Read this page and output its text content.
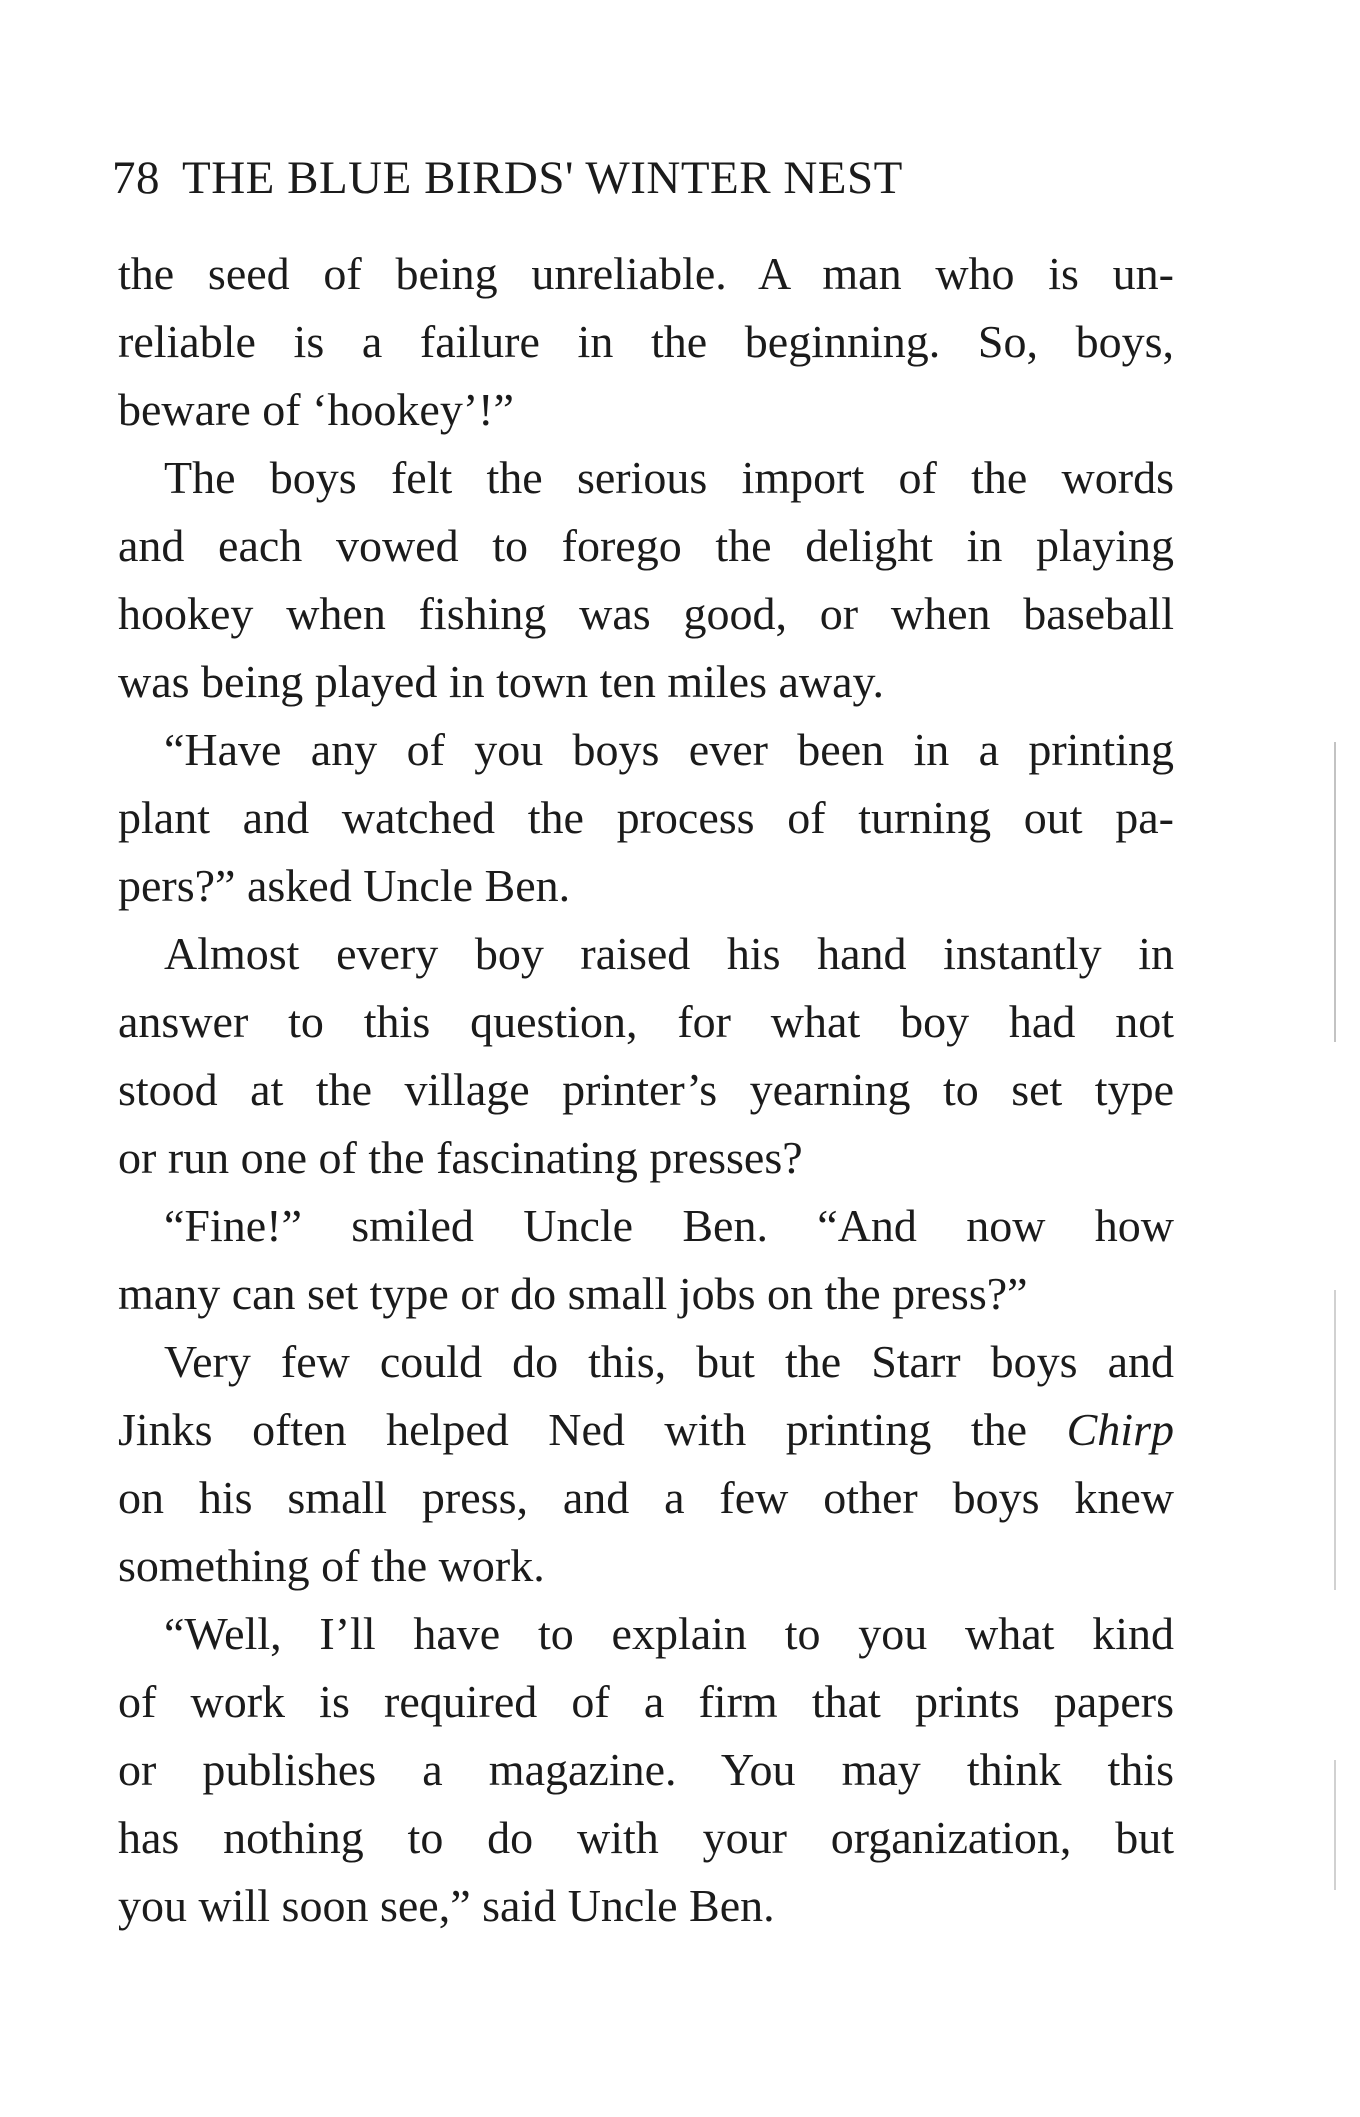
78 THE BLUE BIRDS' WINTER NEST
the seed of being unreliable. A man who is un-
reliable is a failure in the beginning. So, boys,
beware of ‘hookey’!”
The boys felt the serious import of the words
and each vowed to forego the delight in playing
hookey when fishing was good, or when baseball
was being played in town ten miles away.
“Have any of you boys ever been in a printing
plant and watched the process of turning out pa-
pers?” asked Uncle Ben.
Almost every boy raised his hand instantly in
answer to this question, for what boy had not
stood at the village printer’s yearning to set type
or run one of the fascinating presses?
“Fine!” smiled Uncle Ben. “And now how
many can set type or do small jobs on the press?”
Very few could do this, but the Starr boys and
Jinks often helped Ned with printing the Chirp
on his small press, and a few other boys knew
something of the work.
“Well, I’ll have to explain to you what kind
of work is required of a firm that prints papers
or publishes a magazine. You may think this
has nothing to do with your organization, but
you will soon see,” said Uncle Ben.
